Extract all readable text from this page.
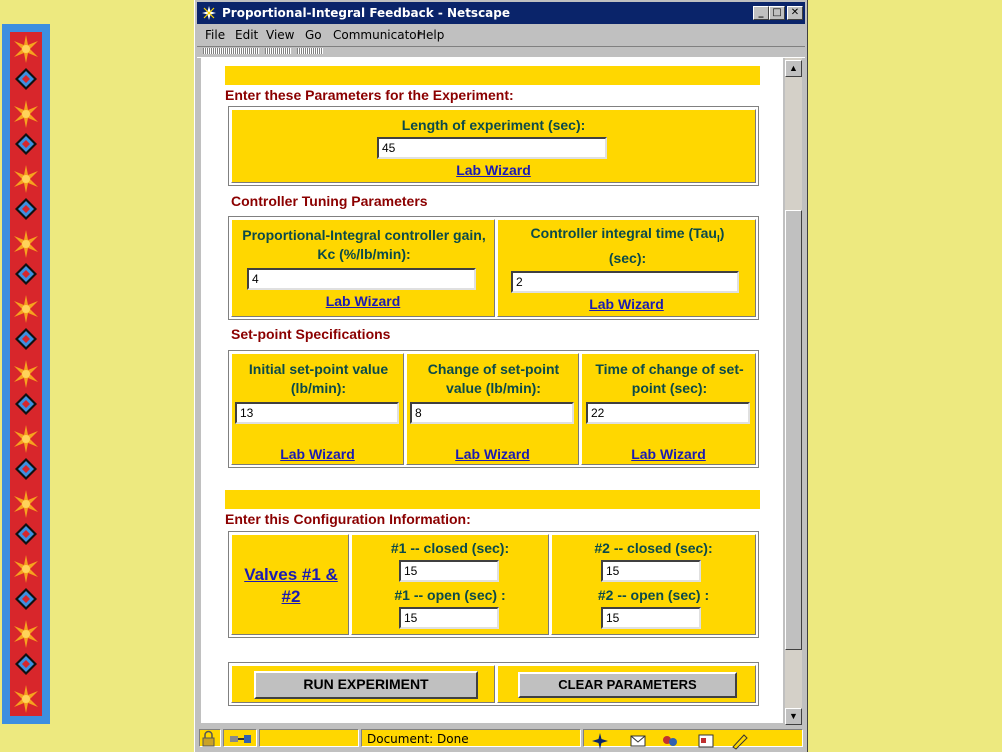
Proportional-Integral Feedback - Netscape	_ □ ✕
File Edit View Go Communicator
Help
Enter these Parameters for the Experiment:
Length of experiment (sec):
45
Lab Wizard
Controller Tuning Parameters
Proportional-Integral controller gain, Kc (%/lb/min):
4
Lab Wizard
Controller integral time (Tau$_I$)
(sec):
2
Lab Wizard
Set-point Specifications
Initial set-point value (lb/min):
13
Lab Wizard
Change of set-point value (lb/min):
8
Lab Wizard
Time of change of set-point (sec):
22
Lab Wizard
Enter this Configuration Information:
Valves #1 & #2
#1 -- closed (sec):
15
#1 -- open (sec) :
15
#2 -- closed (sec):
15
#2 -- open (sec) :
15
RUN EXPERIMENT	CLEAR PARAMETERS
▲
▼
Document: Done
